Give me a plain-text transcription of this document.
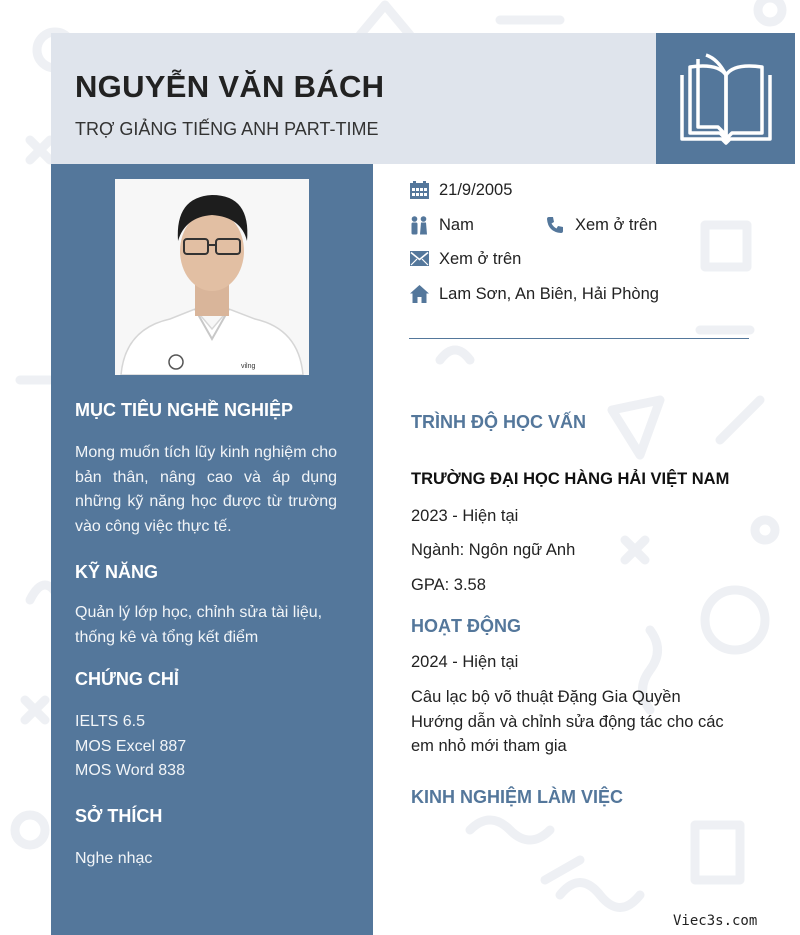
NGUYỄN VĂN BÁCH
TRỢ GIẢNG TIẾNG ANH PART-TIME
vilng
MỤC TIÊU NGHỀ NGHIỆP
Mong muốn tích lũy kinh nghiệm cho bản thân, nâng cao và áp dụng những kỹ năng học được từ trường vào công việc thực tế.
KỸ NĂNG
Quản lý lớp học, chỉnh sửa tài liệu, thống kê và tổng kết điểm
CHỨNG CHỈ
IELTS 6.5
MOS Excel 887
MOS Word 838
SỞ THÍCH
Nghe nhạc
21/9/2005
Nam	Xem ở trên
Xem ở trên
Lam Sơn, An Biên, Hải Phòng
TRÌNH ĐỘ HỌC VẤN
TRƯỜNG ĐẠI HỌC HÀNG HẢI VIỆT NAM
2023 - Hiện tại
Ngành: Ngôn ngữ Anh
GPA: 3.58
HOẠT ĐỘNG
2024 - Hiện tại
Câu lạc bộ võ thuật Đặng Gia Quyền
Hướng dẫn và chỉnh sửa động tác cho các em nhỏ mới tham gia
KINH NGHIỆM LÀM VIỆC
Viec3s.com
